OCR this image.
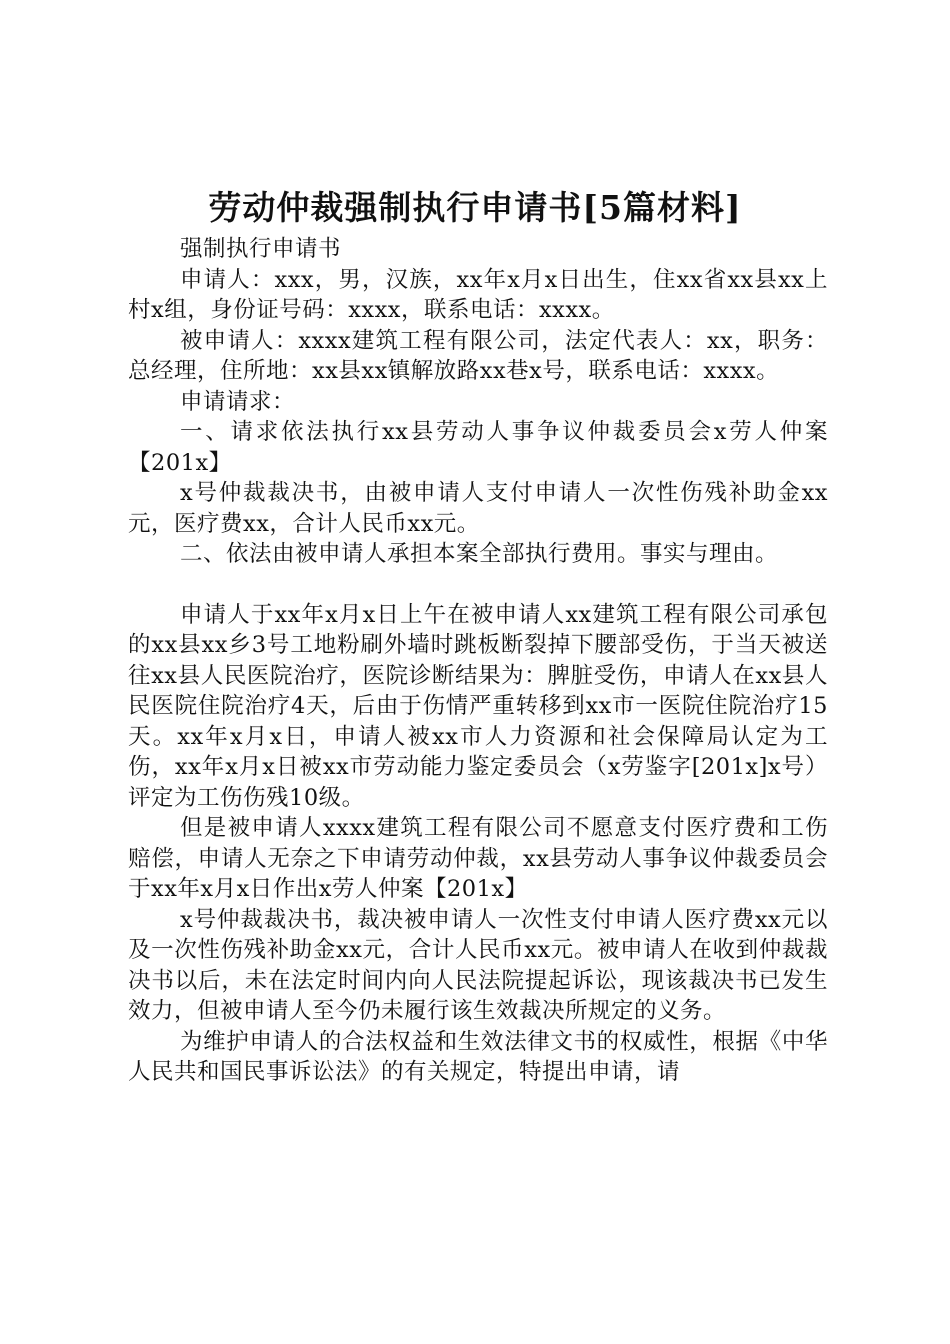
劳动仲裁强制执行申请书[5篇材料]

强制执行申请书

申请人：xxx，男，汉族，xx年x月x日出生，住xx省xx县xx上村x组，身份证号码：xxxx，联系电话：xxxx。

被申请人：xxxx建筑工程有限公司，法定代表人：xx，职务：总经理，住所地：xx县xx镇解放路xx巷x号，联系电话：xxxx。

申请请求：

一、请求依法执行xx县劳动人事争议仲裁委员会x劳人仲案【201x】

x号仲裁裁决书，由被申请人支付申请人一次性伤残补助金xx元，医疗费xx，合计人民币xx元。

二、依法由被申请人承担本案全部执行费用。事实与理由。

申请人于xx年x月x日上午在被申请人xx建筑工程有限公司承包的xx县xx乡3号工地粉刷外墙时跳板断裂掉下腰部受伤，于当天被送往xx县人民医院治疗，医院诊断结果为：脾脏受伤，申请人在xx县人民医院住院治疗4天，后由于伤情严重转移到xx市一医院住院治疗15天。xx年x月x日，申请人被xx市人力资源和社会保障局认定为工伤，xx年x月x日被xx市劳动能力鉴定委员会（x劳鉴字[201x]x号）评定为工伤伤残10级。

但是被申请人xxxx建筑工程有限公司不愿意支付医疗费和工伤赔偿，申请人无奈之下申请劳动仲裁，xx县劳动人事争议仲裁委员会于xx年x月x日作出x劳人仲案【201x】

x号仲裁裁决书，裁决被申请人一次性支付申请人医疗费xx元以及一次性伤残补助金xx元，合计人民币xx元。被申请人在收到仲裁裁决书以后，未在法定时间内向人民法院提起诉讼，现该裁决书已发生效力，但被申请人至今仍未履行该生效裁决所规定的义务。

为维护申请人的合法权益和生效法律文书的权威性，根据《中华人民共和国民事诉讼法》的有关规定，特提出申请，请
